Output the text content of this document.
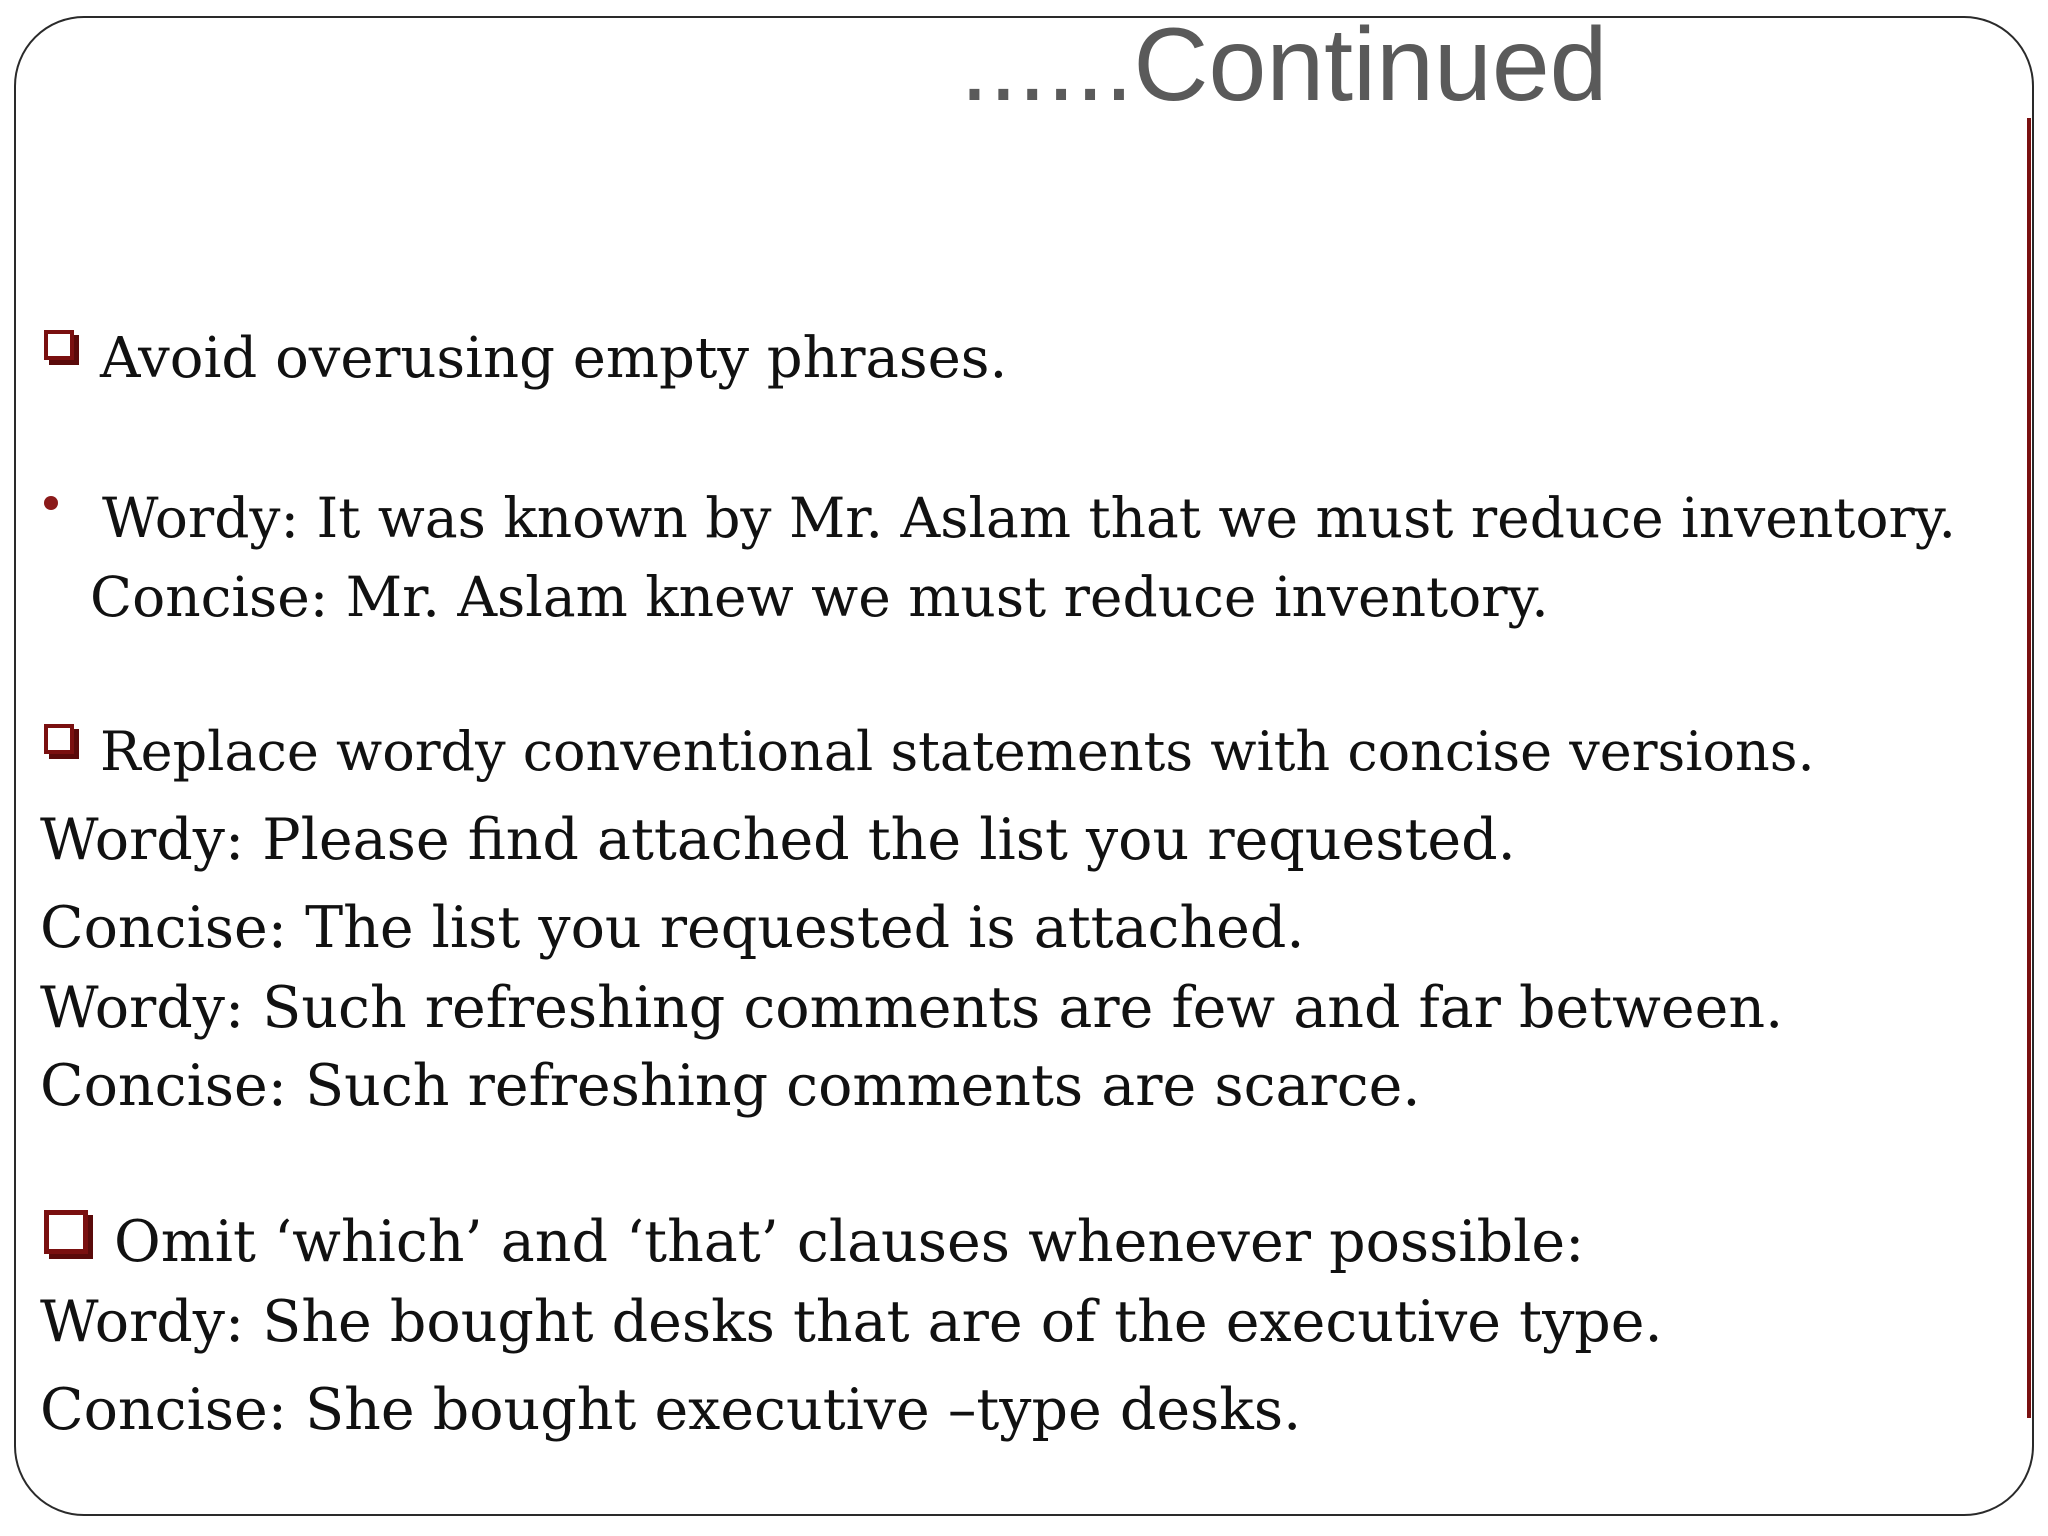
......Continued
Avoid overusing empty phrases.
Wordy: It was known by Mr. Aslam that we must reduce inventory.
Concise: Mr. Aslam knew we must reduce inventory.
Replace wordy conventional statements with concise versions.
Wordy: Please find attached the list you requested.
Concise: The list you requested is attached.
Wordy: Such refreshing comments are few and far between.
Concise: Such refreshing comments are scarce.
Omit ‘which’ and ‘that’ clauses whenever possible:
Wordy: She bought desks that are of the executive type.
Concise: She bought executive –type desks.
